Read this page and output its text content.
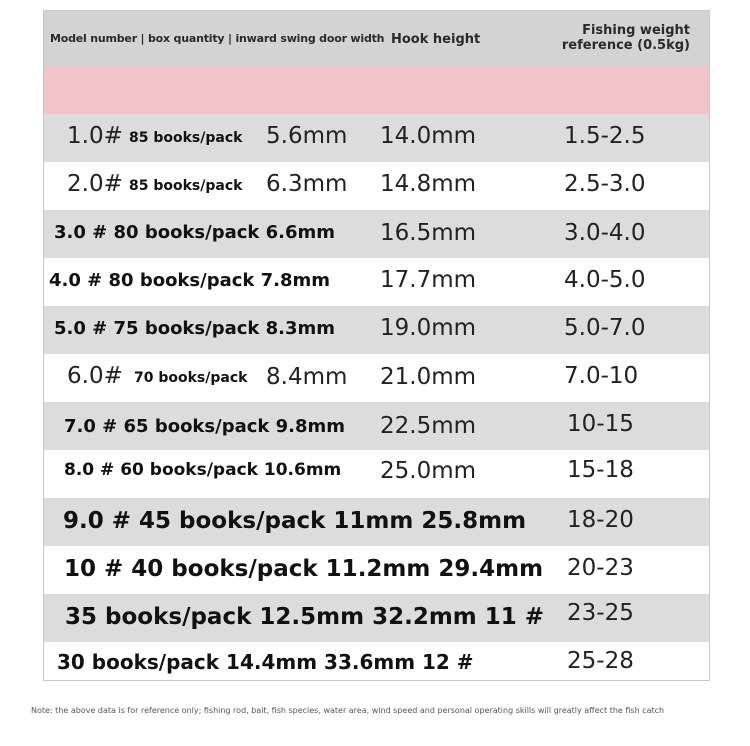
Model number | box quantity | inward swing door width Hook height
Fishing weight
reference (0.5kg)
1.0# 85 books/pack 5.6mm 14.0mm	1.5-2.5
2.0# 85 books/pack 6.3mm 14.8mm	2.5-3.0
3.0 # 80 books/pack 6.6mm 16.5mm	3.0-4.0
4.0 # 80 books/pack 7.8mm 17.7mm	4.0-5.0
5.0 # 75 books/pack 8.3mm 19.0mm	5.0-7.0
6.0# 70 books/pack 8.4mm 21.0mm	7.0-10
7.0 # 65 books/pack 9.8mm 22.5mm	10-15
8.0 # 60 books/pack 10.6mm 25.0mm	15-18
9.0 # 45 books/pack 11mm 25.8mm 18-20
10 # 40 books/pack 11.2mm 29.4mm 20-23
35 books/pack 12.5mm 32.2mm 11 # 23-25
30 books/pack 14.4mm 33.6mm 12 #	25-28
Note: the above data is for reference only; fishing rod, bait, fish species, water area, wind speed and personal operating skills will greatly affect the fish catch
